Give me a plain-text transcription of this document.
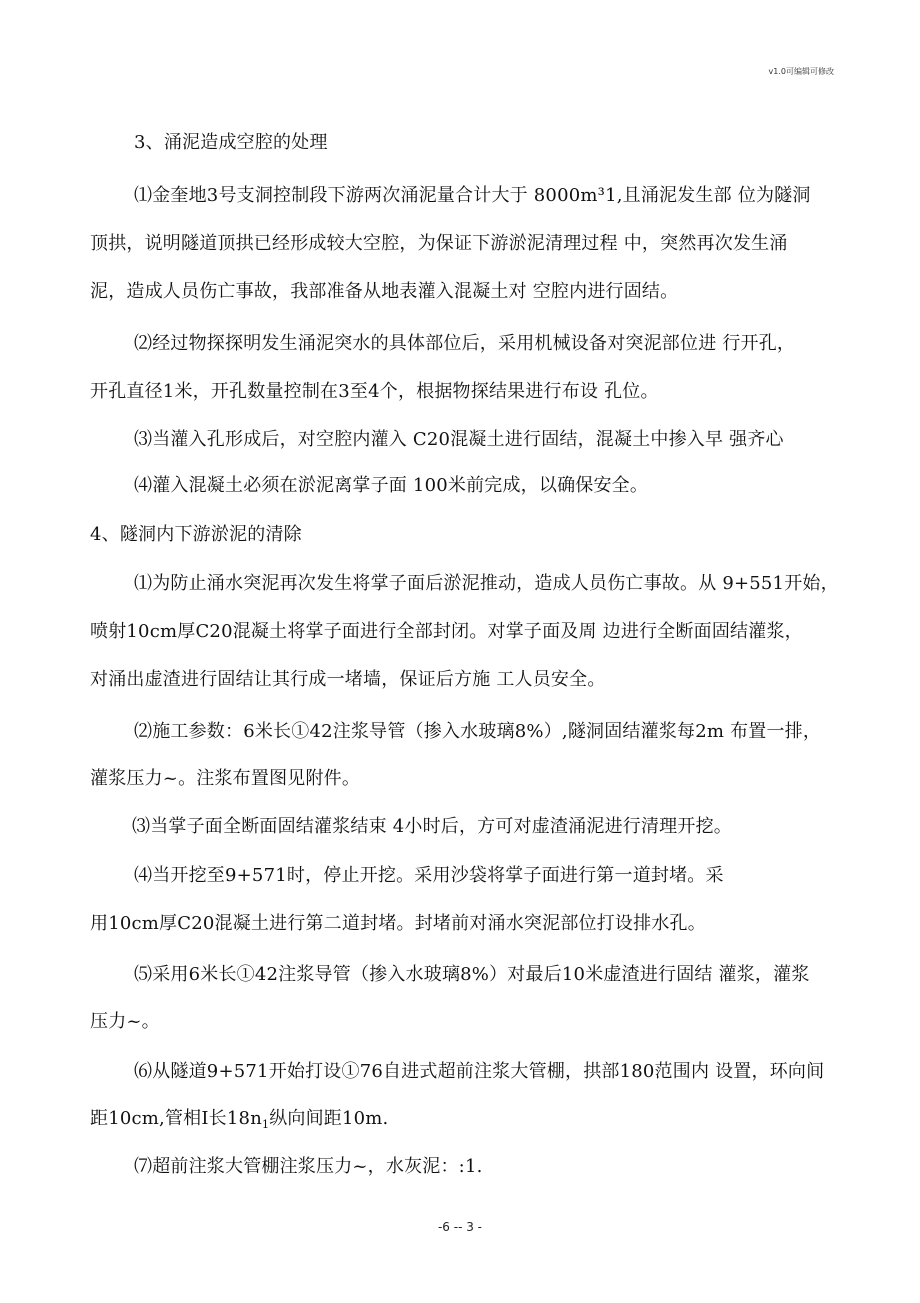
v1.0可编辑可修改
3、涌泥造成空腔的处理
⑴金奎地3号支洞控制段下游两次涌泥量合计大于 8000m³1,且涌泥发生部 位为隧洞
顶拱，说明隧道顶拱已经形成较大空腔，为保证下游淤泥清理过程 中，突然再次发生涌
泥，造成人员伤亡事故，我部准备从地表灌入混凝土对 空腔内进行固结。
⑵经过物探探明发生涌泥突水的具体部位后，采用机械设备对突泥部位进 行开孔，
开孔直径1米，开孔数量控制在3至4个，根据物探结果进行布设 孔位。
⑶当灌入孔形成后，对空腔内灌入 C20混凝土进行固结，混凝土中掺入早 强齐心
⑷灌入混凝土必须在淤泥离掌子面 100米前完成，以确保安全。
4、隧洞内下游淤泥的清除
⑴为防止涌水突泥再次发生将掌子面后淤泥推动，造成人员伤亡事故。从 9+551开始，
喷射10cm厚C20混凝土将掌子面进行全部封闭。对掌子面及周 边进行全断面固结灌浆，
对涌出虚渣进行固结让其行成一堵墙，保证后方施 工人员安全。
⑵施工参数：6米长①42注浆导管（掺入水玻璃8%）,隧洞固结灌浆每2m 布置一排，
灌浆压力~。注浆布置图见附件。
⑶当掌子面全断面固结灌浆结束 4小时后，方可对虚渣涌泥进行清理开挖。
⑷当开挖至9+571时，停止开挖。采用沙袋将掌子面进行第一道封堵。采
用10cm厚C20混凝土进行第二道封堵。封堵前对涌水突泥部位打设排水孔。
⑸采用6米长①42注浆导管（掺入水玻璃8%）对最后10米虚渣进行固结 灌浆，灌浆
压力~。
⑹从隧道9+571开始打设①76自进式超前注浆大管棚，拱部180范围内 设置，环向间
距10cm,管相I长$18n_1$纵向间距10m.
⑺超前注浆大管棚注浆压力~，水灰泥：:1.
-6 -- 3 -
